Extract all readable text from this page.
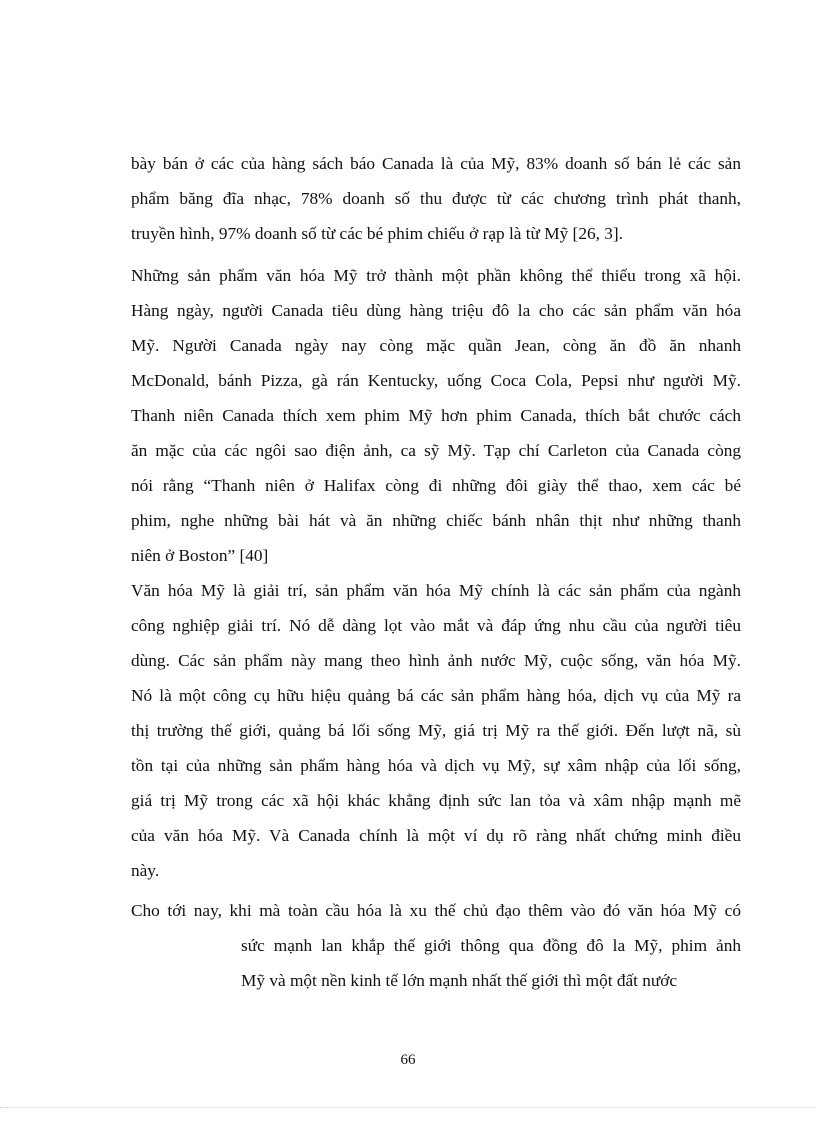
bày bán ở các của hàng sách báo Canada là của Mỹ, 83% doanh số bán lẻ các sản
phẩm băng đĩa nhạc, 78% doanh số thu được từ các chương trình phát thanh,
truyền hình, 97% doanh số từ các bé phim chiếu ở rạp là từ Mỹ [26, 3].

Những sản phẩm văn hóa Mỹ trở thành một phần không thể thiếu trong xã hội.
Hàng ngày, người Canada tiêu dùng hàng triệu đô la cho các sản phẩm văn hóa
Mỹ. Người Canada ngày nay còng mặc quần Jean, còng ăn đồ ăn nhanh
McDonald, bánh Pizza, gà rán Kentucky, uống Coca Cola, Pepsi như người Mỹ.
Thanh niên Canada thích xem phim Mỹ hơn phim Canada, thích bắt chước cách
ăn mặc của các ngôi sao điện ảnh, ca sỹ Mỹ. Tạp chí Carleton của Canada còng
nói rằng “Thanh niên ở Halifax còng đi những đôi giày thể thao, xem các bé
phim, nghe những bài hát và ăn những chiếc bánh nhân thịt như những thanh
niên ở Boston” [40]

Văn hóa Mỹ là giải trí, sản phẩm văn hóa Mỹ chính là các sản phẩm của ngành
công nghiệp giải trí. Nó dễ dàng lọt vào mắt và đáp ứng nhu cầu của người tiêu
dùng. Các sản phẩm này mang theo hình ảnh nước Mỹ, cuộc sống, văn hóa Mỹ.
Nó là một công cụ hữu hiệu quảng bá các sản phẩm hàng hóa, dịch vụ của Mỹ ra
thị trường thế giới, quảng bá lối sống Mỹ, giá trị Mỹ ra thế giới. Đến lượt nã, sù
tồn tại của những sản phẩm hàng hóa và dịch vụ Mỹ, sự xâm nhập của lối sống,
giá trị Mỹ trong các xã hội khác khẳng định sức lan tỏa và xâm nhập mạnh mẽ
của văn hóa Mỹ. Và Canada chính là một ví dụ rõ ràng nhất chứng minh điều
này.

Cho tới nay, khi mà toàn cầu hóa là xu thế chủ đạo thêm vào đó văn hóa Mỹ có
sức mạnh lan khắp thế giới thông qua đồng đô la Mỹ, phim ảnh
Mỹ và một nền kinh tế lớn mạnh nhất thế giới thì một đất nước

66
